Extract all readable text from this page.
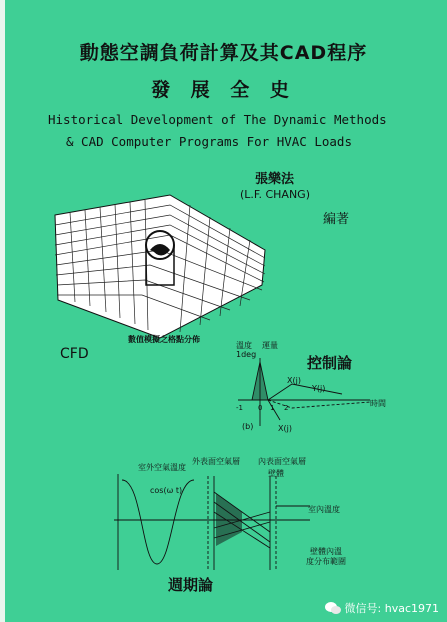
動態空調負荷計算及其CAD程序
發 展 全 史
Historical Development of The Dynamic Methods
& CAD Computer Programs For HVAC Loads
張樂法
(L.F. CHANG)
編著
CFD
數值模擬之格點分佈
控制論
溫度
1deg
運量
時間
X(j)
Y(j)
X(j)
(b)
-1 0 1 2
室外空氣溫度
外表面空氣層 內表面空氣層
壁體
室內溫度
壁體內溫
度分布範圍
cos(ω t)
週期論
微信号: hvac1971
